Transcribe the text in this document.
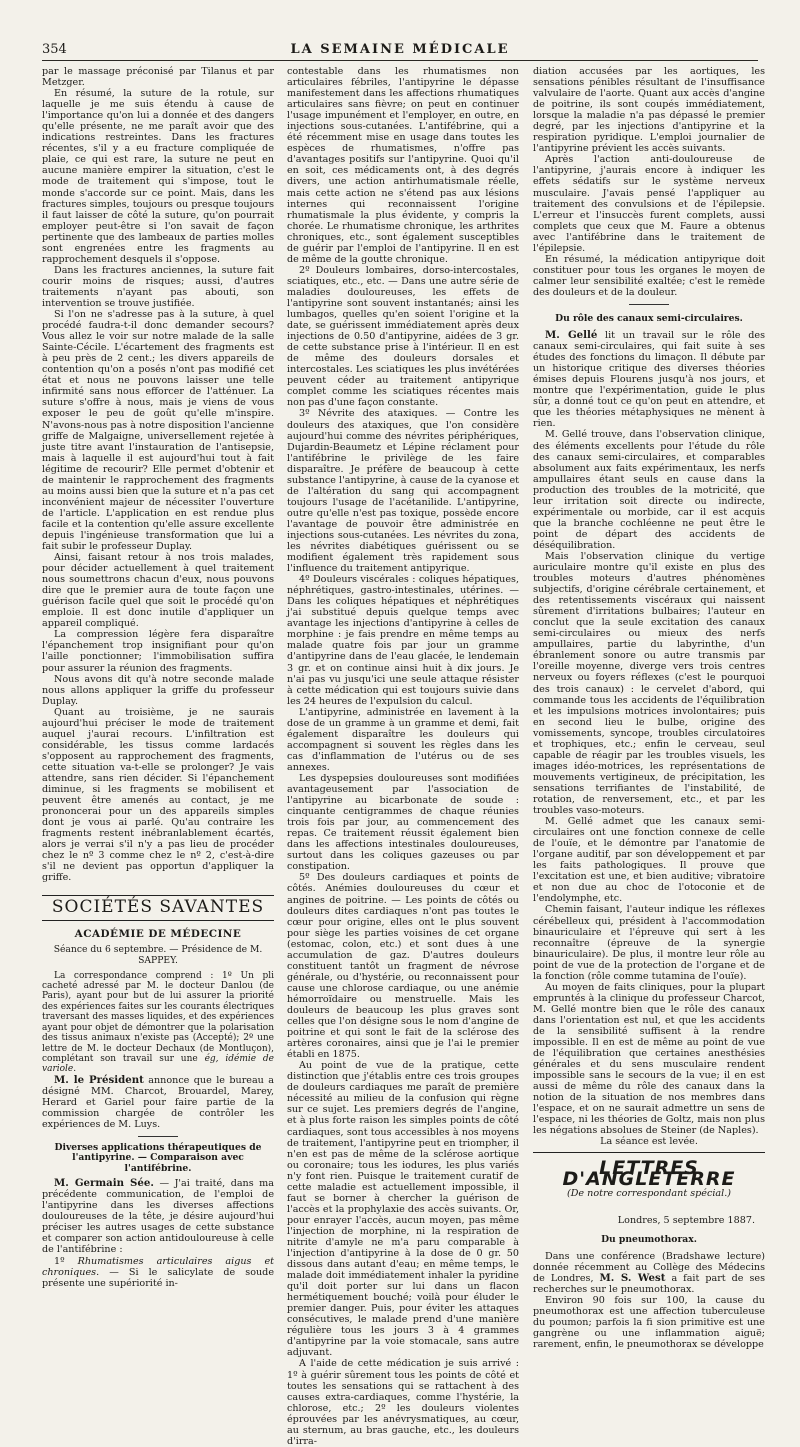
354	LA SEMAINE MÉDICALE

par le massage préconisé par Tilanus et par Metzger.

En résumé, la suture de la rotule, sur laquelle je me suis étendu à cause de l'importance qu'on lui a donnée et des dangers qu'elle présente, ne me paraît avoir que des indications restreintes. Dans les fractures récentes, s'il y a eu fracture compliquée de plaie, ce qui est rare, la suture ne peut en aucune manière empirer la situation, c'est le mode de traitement qui s'impose, tout le monde s'accorde sur ce point. Mais, dans les fractures simples, toujours ou presque toujours il faut laisser de côté la suture, qu'on pourrait employer peut-être si l'on savait de façon pertinente que des lambeaux de parties molles sont engrenées entre les fragments au rapprochement desquels il s'oppose.

Dans les fractures anciennes, la suture fait courir moins de risques; aussi, d'autres traitements n'ayant pas abouti, son intervention se trouve justifiée.

Si l'on ne s'adresse pas à la suture, à quel procédé faudra-t-il donc demander secours? Vous allez le voir sur notre malade de la salle Sainte-Cécile. L'écartement des fragments est à peu près de 2 cent.; les divers appareils de contention qu'on a posés n'ont pas modifié cet état et nous ne pouvons laisser une telle infirmité sans nous efforcer de l'atténuer. La suture s'offre à nous, mais je viens de vous exposer le peu de goût qu'elle m'inspire. N'avons-nous pas à notre disposition l'ancienne griffe de Malgaigne, universellement rejetée à juste titre avant l'instauration de l'antisepsie, mais à laquelle il est aujourd'hui tout à fait légitime de recourir? Elle permet d'obtenir et de maintenir le rapprochement des fragments au moins aussi bien que la suture et n'a pas cet inconvénient majeur de nécessiter l'ouverture de l'article. L'application en est rendue plus facile et la contention qu'elle assure excellente depuis l'ingénieuse transformation que lui a fait subir le professeur Duplay.

Ainsi, faisant retour à nos trois malades, pour décider actuellement à quel traitement nous soumettrons chacun d'eux, nous pouvons dire que le premier aura de toute façon une guérison facile quel que soit le procédé qu'on emploie. Il est donc inutile d'appliquer un appareil compliqué.

La compression légère fera disparaître l'épanchement trop insignifiant pour qu'on l'aille ponctionner; l'immobilisation suffira pour assurer la réunion des fragments.

Nous avons dit qu'à notre seconde malade nous allons appliquer la griffe du professeur Duplay.

Quant au troisième, je ne saurais aujourd'hui préciser le mode de traitement auquel j'aurai recours. L'infiltration est considérable, les tissus comme lardacés s'opposent au rapprochement des fragments, cette situation va-t-elle se prolonger? Je vais attendre, sans rien décider. Si l'épanchement diminue, si les fragments se mobilisent et peuvent être amenés au contact, je me prononcerai pour un des appareils simples dont je vous ai parlé. Qu'au contraire les fragments restent inébranlablement écartés, alors je verrai s'il n'y a pas lieu de procéder chez le nº 3 comme chez le nº 2, c'est-à-dire s'il ne devient pas opportun d'appliquer la griffe.

SOCIÉTÉS SAVANTES
ACADÉMIE DE MÉDECINE
Séance du 6 septembre. — Présidence de M. SAPPEY.

La correspondance comprend : 1º Un pli cacheté adressé par M. le docteur Danlou (de Paris), ayant pour but de lui assurer la priorité des expériences faites sur les courants électriques traversant des masses liquides, et des expériences ayant pour objet de démontrer que la polarisation des tissus animaux n'existe pas (Accepté); 2º une lettre de M. le docteur Dechaux (de Montluçon), complétant son travail sur une ég, idémie de variole.

M. le Président annonce que le bureau a désigné MM. Charcot, Brouardel, Marey, Herard et Gariel pour faire partie de la commission chargée de contrôler les expériences de M. Luys.

Diverses applications thérapeutiques de l'antipyrine. — Comparaison avec l'antifébrine.

M. Germain Sée. — J'ai traité, dans ma précédente communication, de l'emploi de l'antipyrine dans les diverses affections douloureuses de la tête, je désire aujourd'hui préciser les autres usages de cette substance et comparer son action antidouloureuse à celle de l'antifébrine :

1º Rhumatismes articulaires aigus et chroniques. — Si le salicylate de soude présente une supériorité in-

contestable dans les rhumatismes non articulaires fébriles, l'antipyrine le dépasse manifestement dans les affections rhumatiques articulaires sans fièvre; on peut en continuer l'usage impunément et l'employer, en outre, en injections sous-cutanées. L'antifébrine, qui a été récemment mise en usage dans toutes les espèces de rhumatismes, n'offre pas d'avantages positifs sur l'antipyrine. Quoi qu'il en soit, ces médicaments ont, à des degrés divers, une action antirhumatismale réelle, mais cette action ne s'étend pas aux lésions internes qui reconnaissent l'origine rhumatismale la plus évidente, y compris la chorée. Le rhumatisme chronique, les arthrites chroniques, etc., sont également susceptibles de guérir par l'emploi de l'antipyrine. Il en est de même de la goutte chronique.

2º Douleurs lombaires, dorso-intercostales, sciatiques, etc., etc. — Dans une autre série de maladies douloureuses, les effets de l'antipyrine sont souvent instantanés; ainsi les lumbagos, quelles qu'en soient l'origine et la date, se guérissent immédiatement après deux injections de 0.50 d'antipyrine, aidées de 3 gr. de cette substance prise à l'intérieur. Il en est de même des douleurs dorsales et intercostales. Les sciatiques les plus invétérées peuvent céder au traitement antipyrique complet comme les sciatiques récentes mais non pas d'une façon constante.

3º Névrite des ataxiques. — Contre les douleurs des ataxiques, que l'on considère aujourd'hui comme des névrites périphériques, Dujardin-Beaumetz et Lépine réclament pour l'antifébrine le privilège de les faire disparaître. Je préfère de beaucoup à cette substance l'antipyrine, à cause de la cyanose et de l'altération du sang qui accompagnent toujours l'usage de l'acétanilide. L'antipyrine, outre qu'elle n'est pas toxique, possède encore l'avantage de pouvoir être administrée en injections sous-cutanées. Les névrites du zona, les névrites diabétiques guérissent ou se modifient également très rapidement sous l'influence du traitement antipyrique.

4º Douleurs viscérales : coliques hépatiques, néphrétiques, gastro-intestinales, utérines. — Dans les coliques hépatiques et néphrétiques j'ai substitué depuis quelque temps avec avantage les injections d'antipyrine à celles de morphine : je fais prendre en même temps au malade quatre fois par jour un gramme d'antipyrine dans de l'eau glacée, le lendemain 3 gr. et on continue ainsi huit à dix jours. Je n'ai pas vu jusqu'ici une seule attaque résister à cette médication qui est toujours suivie dans les 24 heures de l'expulsion du calcul.

L'antipyrine, administrée en lavement à la dose de un gramme à un gramme et demi, fait également disparaître les douleurs qui accompagnent si souvent les règles dans les cas d'inflammation de l'utérus ou de ses annexes.

Les dyspepsies douloureuses sont modifiées avantageusement par l'association de l'antipyrine au bicarbonate de soude : cinquante centigrammes de chaque réunies trois fois par jour, au commencement des repas. Ce traitement réussit également bien dans les affections intestinales douloureuses, surtout dans les coliques gazeuses ou par constipation.

5º Des douleurs cardiaques et points de côtés. Anémies douloureuses du cœur et angines de poitrine. — Les points de côtés ou douleurs dites cardiaques n'ont pas toutes le cœur pour origine, elles ont le plus souvent pour siège les parties voisines de cet organe (estomac, colon, etc.) et sont dues à une accumulation de gaz. D'autres douleurs constituent tantôt un fragment de névrose générale, ou d'hystérie, ou reconnaissent pour cause une chlorose cardiaque, ou une anémie hémorroïdaire ou menstruelle. Mais les douleurs de beaucoup les plus graves sont celles que l'on désigne sous le nom d'angine de poitrine et qui sont le fait de la sclérose des artères coronaires, ainsi que je l'ai le premier établi en 1875.

Au point de vue de la pratique, cette distinction que j'établis entre ces trois groupes de douleurs cardiaques me paraît de première nécessité au milieu de la confusion qui règne sur ce sujet. Les premiers degrés de l'angine, et à plus forte raison les simples points de côté cardiaques, sont tous accessibles à nos moyens de traitement, l'antipyrine peut en triompher, il n'en est pas de même de la sclérose aortique ou coronaire; tous les iodures, les plus variés n'y font rien. Puisque le traitement curatif de cette maladie est actuellement impossible, il faut se borner à chercher la guérison de l'accès et la prophylaxie des accès suivants. Or, pour enrayer l'accès, aucun moyen, pas même l'injection de morphine, ni la respiration de nitrite d'amyle ne m'a paru comparable à l'injection d'antipyrine à la dose de 0 gr. 50 dissous dans autant d'eau; en même temps, le malade doit immédiatement inhaler la pyridine qu'il doit porter sur lui dans un flacon hermétiquement bouché; voilà pour éluder le premier danger. Puis, pour éviter les attaques consécutives, le malade prend d'une manière régulière tous les jours 3 à 4 grammes d'antipyrine par la voie stomacale, sans autre adjuvant.

A l'aide de cette médication je suis arrivé : 1º à guérir sûrement tous les points de côté et toutes les sensations qui se rattachent à des causes extra-cardiaques, comme l'hystérie, la chlorose, etc.; 2º les douleurs violentes éprouvées par les anévrysmatiques, au cœur, au sternum, au bras gauche, etc., les douleurs d'irra-

diation accusées par les aortiques, les sensations pénibles résultant de l'insuffisance valvulaire de l'aorte. Quant aux accès d'angine de poitrine, ils sont coupés immédiatement, lorsque la maladie n'a pas dépassé le premier degré, par les injections d'antipyrine et la respiration pyridique. L'emploi journalier de l'antipyrine prévient les accès suivants.

Après l'action anti-douloureuse de l'antipyrine, j'aurais encore à indiquer les effets sédatifs sur le système nerveux musculaire. J'avais pensé l'appliquer au traitement des convulsions et de l'épilepsie. L'erreur et l'insuccès furent complets, aussi complets que ceux que M. Faure a obtenus avec l'antifébrine dans le traitement de l'épilepsie.

En résumé, la médication antipyrique doit constituer pour tous les organes le moyen de calmer leur sensibilité exaltée; c'est le remède des douleurs et de la douleur.

Du rôle des canaux semi-circulaires.

M. Gellé lit un travail sur le rôle des canaux semi-circulaires, qui fait suite à ses études des fonctions du limaçon. Il débute par un historique critique des diverses théories émises depuis Flourens jusqu'à nos jours, et montre que l'expérimentation, guide le plus sûr, a donné tout ce qu'on peut en attendre, et que les théories métaphysiques ne mènent à rien.

M. Gellé trouve, dans l'observation clinique, des éléments excellents pour l'étude du rôle des canaux semi-circulaires, et comparables absolument aux faits expérimentaux, les nerfs ampullaires étant seuls en cause dans la production des troubles de la motricité, que leur irritation soit directe ou indirecte, expérimentale ou morbide, car il est acquis que la branche cochléenne ne peut être le point de départ des accidents de déséquilibration.

Mais l'observation clinique du vertige auriculaire montre qu'il existe en plus des troubles moteurs d'autres phénomènes subjectifs, d'origine cérébrale certainement, et des retentissements viscéraux qui naissent sûrement d'irritations bulbaires; l'auteur en conclut que la seule excitation des canaux semi-circulaires ou mieux des nerfs ampullaires, partie du labyrinthe, d'un ébranlement sonore ou autre transmis par l'oreille moyenne, diverge vers trois centres nerveux ou foyers réflexes (c'est le pourquoi des trois canaux) : le cervelet d'abord, qui commande tous les accidents de l'équilibration et les impulsions motrices involontaires; puis en second lieu le bulbe, origine des vomissements, syncope, troubles circulatoires et trophiques, etc.; enfin le cerveau, seul capable de réagir par les troubles visuels, les images idéo-motrices, les représentations de mouvements vertigineux, de précipitation, les sensations terrifiantes de l'instabilité, de rotation, de renversement, etc., et par les troubles vaso-moteurs.

M. Gellé admet que les canaux semi-circulaires ont une fonction connexe de celle de l'ouïe, et le démontre par l'anatomie de l'organe auditif, par son développement et par les faits pathologiques. Il prouve que l'excitation est une, et bien auditive; vibratoire et non due au choc de l'otoconie et de l'endolymphe, etc.

Chemin faisant, l'auteur indique les réflexes cérébelleux qui, président à l'accommodation binauriculaire et l'épreuve qui sert à les reconnaître (épreuve de la synergie binauriculaire). De plus, il montre leur rôle au point de vue de la protection de l'organe et de la fonction (rôle comme tutamina de l'ouïe).

Au moyen de faits cliniques, pour la plupart empruntés à la clinique du professeur Charcot, M. Gellé montre bien que le rôle des canaux dans l'orientation est nul, et que les accidents de la sensibilité suffisent à la rendre impossible. Il en est de même au point de vue de l'équilibration que certaines anesthésies générales et du sens musculaire rendent impossible sans le secours de la vue; il en est aussi de même du rôle des canaux dans la notion de la situation de nos membres dans l'espace, et on ne saurait admettre un sens de l'espace, ni les théories de Goltz, mais non plus les négations absolues de Steiner (de Naples).

La séance est levée.

LETTRES D'ANGLETERRE
(De notre correspondant spécial.)
Londres, 5 septembre 1887.
Du pneumothorax.

Dans une conférence (Bradshawe lecture) donnée récemment au Collège des Médecins de Londres, M. S. West a fait part de ses recherches sur le pneumothorax.

Environ 90 fois sur 100, la cause du pneumothorax est une affection tuberculeuse du poumon; parfois la fi sion primitive est une gangrène ou une inflammation aiguë; rarement, enfin, le pneumothorax se développe
